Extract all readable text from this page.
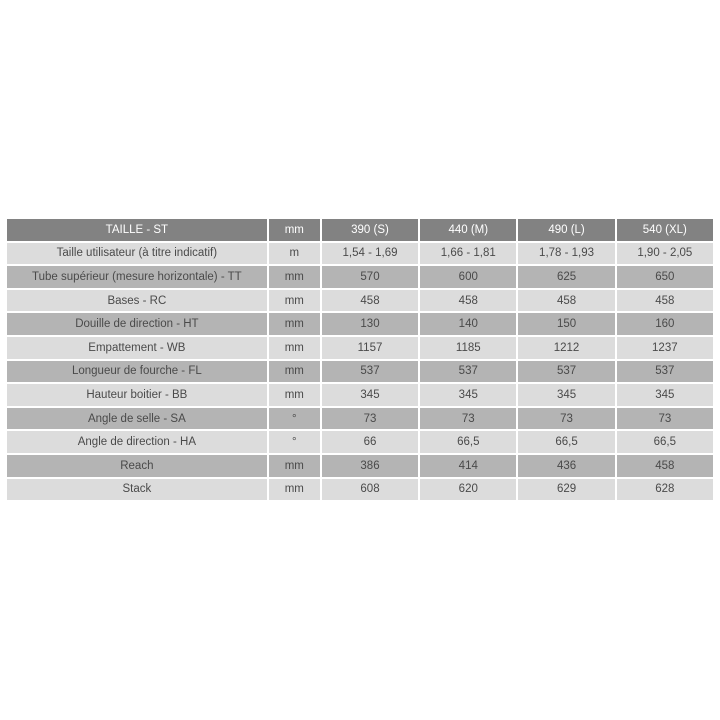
TAILLE - ST	mm	390 (S)	440 (M)	490 (L)	540 (XL)
Taille utilisateur (à titre indicatif)	m	1,54 - 1,69	1,66 - 1,81	1,78 - 1,93	1,90 - 2,05
Tube supérieur (mesure horizontale) - TT	mm	570	600	625	650
Bases - RC	mm	458	458	458	458
Douille de direction - HT	mm	130	140	150	160
Empattement - WB	mm	1157	1185	1212	1237
Longueur de fourche - FL	mm	537	537	537	537
Hauteur boitier - BB	mm	345	345	345	345
Angle de selle - SA	°	73	73	73	73
Angle de direction - HA	°	66	66,5	66,5	66,5
Reach	mm	386	414	436	458
Stack	mm	608	620	629	628
